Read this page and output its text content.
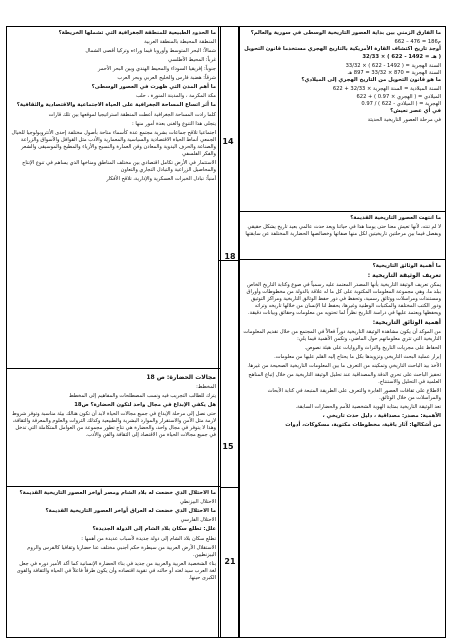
ما الحدود الطبيعية للمنطقة الجغرافية التي تشملها الخريطة؟

المنطقة المحيطة بالمنطقة العربية

شمالاً: البحر المتوسط وأوروبا فيما وراءه وتركيا أقصى الشمال

غرباً: المحيط الأطلسي

جنوباً: إفريقيا السوداء والمحيط الهندي وبين البحر الأحمر

شرقاً: هضبة فارس والخليج العربي وبحر العرب

ما أهم المدن التي ظهرت في العصور الوسطى؟

مكة المكرمة ، والمدينة المنورة ، حلب

ما أثر اتساع المساحة الجغرافية على الحياة الاجتماعية والاقتصادية والثقافية؟

كلما زادت المساحة الجغرافية أعطت المنطقة استراتيجيا لموقعها بين تلك قارات

يتجلى هذا التنوع والغنى بعدة أمور منها :

اجتماعيا تلاقح جماعات بشرية مجتمع عدة كأسماء متاحة بأصول مختلفة إحدى الأنثروبولوجيا للخيال الجمعي أنماط الحياة الاقتصادية والسياسية والمعمارية والأدب مثل القوافل والأسواق والزراعة والصناعة والحرف اليدوية والمعادن وفن العمارة والنسيج والأزياء والمطبخ والموسيقى والشعر والفكر الفلسفي

الاستثمار في الأرض تكامل اقتصادي بين مختلف المناطق ومناخها الذي يساهم في تنوع الإنتاج والمحاصيل الزراعية والتبادل التجاري والتعاون

أمنياً: تبادل الخبرات العسكرية والإدارية، تلاقح الأفكار

مجالات الحضارة: ص 18

المخطط:

يترك للطالب التجريب فيه ونسب المصطلحات والمفاهيم إلى المخطط

هل يكفي الإبداع في مجال واحد لتكون الحضارة؟ ص18

حتى نصل إلى مرحلة الإبداع في جميع مجالات الحياة لابد أن تكون هنالك بيئة مناسبة وتوفر شروط لازمة مثل الأمن والاستقرار والموارد البشرية والطبيعية وكذلك الثروات والعلوم والمعرفة والثقافة، وهذا لا يتوفر في مجال واحد، والحضارة هي نتاج تطور مجموعة من العوامل المتكاملة التي تدخل في جميع مجالات الحياة من الاقتصاد إلى الثقافة والفن والأدب.

ما الاحتلال الذي خضعت له بلاد الشام ومصر أواخر العصور التاريخية القديمة؟

الاحتلال البيزنطي

ما الاحتلال الذي خضعت له العراق أواخر العصور التاريخية القديمة؟

الاحتلال الفارسي

علل: تطلع سكان بلاد الشام إلى الدولة الجديدة؟

تطلع سكان بلاد الشام إلى دولة جديدة لأسباب عديدة من أهمها :

الاستقلال الأرض العربية من سيطرة حكم أجنبي مختلف عنا حضاريا وثقافيا كالفرس والروم البيزنطيين.

بناء الشخصية العربية والعربية من جديد في بناء الحضارة الإنسانية كما أكد الأمير دوره في جعل لغة العرب سيد لغته أو حالته في تقوية اقتصاده وأن يكون طرفاً فاعلاً في الحياة والثقافة والقوى الكبرى حينها.

18
21
14
15

ما الفارق الزمني بين بداية العصور التاريخية الوسطى في سورية والعالم؟

662 – 476 = 186م

أوجد تاريخ اكتشاف القارة الأمريكية بالتاريخ الهجري مستخدما قانون التحويل ( هـ = 1492 - 622 ) × 32/33

السنة الهجرية = ( 1492 - 622 ) × 33/32

السنة الهجرية = 870 × 33/32 = 897 هـ

ما هو قانون التحويل من التاريخ الهجري إلى الميلادي؟

السنة الميلادية = السنة الهجرية × 32/33 + 622

الميلادي = ( الهجري × 0.97 ) + 622

الهجرية = ( الميلادي - 622 ) / 0.97

في أي عصر نعيش؟

في مرحلة العصور التاريخية الحديثة

ما انتهت العصور التاريخية القديمة؟

لا لم تنته، لأنها تعيش معنا حتى يومنا هذا في حياتنا ويعد حدث عالمي بعيد تاريخ يشكل حقيقي وبفصل فيما بين مرحلتين تاريخيتين لكل منها صفاتها وخصائصها الحضارية المختلفة عن سابقتها

ما أهمية الوثائق التاريخية؟

تعريف الوثيقة التاريخية :

يمكن تعريف الوثيقة التاريخية بأنها المصدر المعتمد عليه رسمياً في صوغ وكتابة التاريخ الخاص ببلد ما، وهي مجموعة المعلومات المكتوبة على كل ما له علاقة بالدولة من مخطوطات وأوراق ومستندات ومراسلات ووثائق رسمية، وتحفظ في دور حفظ الوثائق التاريخية ومراكز التوثيق ودور الكتب المختلفة والمكتبات الوطنية وغيرها، يحفظ لنا الإنسان من خلالها تاريخه وتراثه ويحفظها ويعتمد عليها في دراسة التاريخ نظراً لما تحتويه من معلومات وحقائق وبيانات دقيقة.

أهمية الوثائق التاريخية:

من الموكد أن يكون مشاهدة الوثيقة التاريخية دوراً فعالاً في المجتمع من خلال تقديم المعلومات التاريخية التي تثري معلوماتهم حول الماضي، وتكمن الأهمية فيما يلي:

الحفاظ على مجريات التاريخ والتراث والروايات على هيئة نصوص.

إبراز عملية البحث التاريخي وتزويدها بكل ما يحتاج إليه القلم عليها من معلومات.

الأخذ بيد الباحث التاريخي وتمكينه من التعرف ما بين المعلومات التاريخية الصحيحة من غيرها.

تحفيز الباحث على تحري الدقة والمصداقية عند تحليل الوثيقة التاريخية من خلال إتباع المناهج العلمية في التحليل والاستنتاج.

الاطلاع على ثقافات العصور الغابرة والتعرف على الطريقة المتبعة في كتابة الأبحاث والمراسلات من خلال الوثائق.

تعد الوثيقة التاريخية بمثابة الهوية الشخصية للأمم والحضارات السابقة.

الأهمية: مصدر: مصداقية ، دليل حدث تاريخي ،

من أشكالها: آثار باقية، مخطوطات مكتوبة، مسكوكات، أدوات
